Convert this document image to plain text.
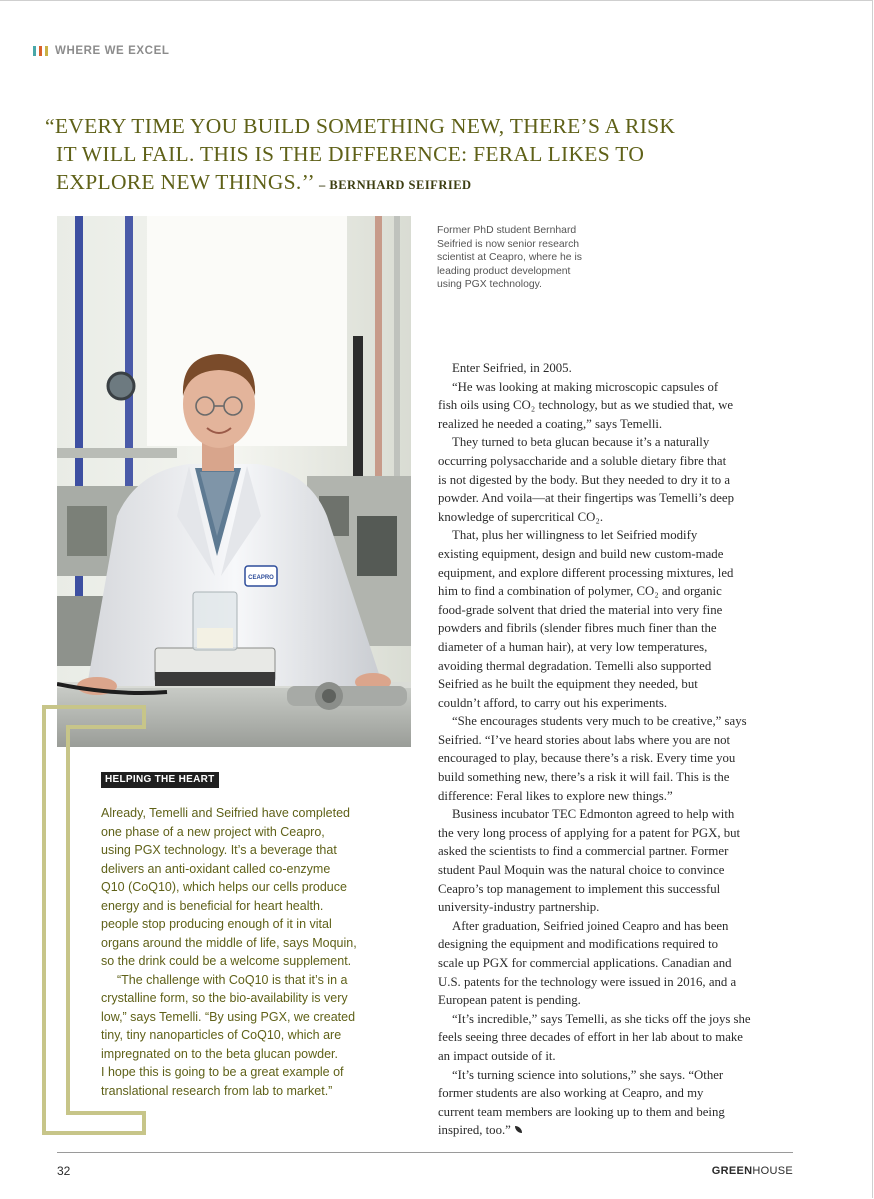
WHERE WE EXCEL
“EVERY TIME YOU BUILD SOMETHING NEW, THERE’S A RISK
IT WILL FAIL. THIS IS THE DIFFERENCE: FERAL LIKES TO
EXPLORE NEW THINGS.’’ – BERNHARD SEIFRIED
CEAPRO
Former PhD student Bernhard
Seifried is now senior research
scientist at Ceapro, where he is
leading product development
using PGX technology.
HELPING THE HEART
Already, Temelli and Seifried have completed
one phase of a new project with Ceapro,
using PGX technology. It’s a beverage that
delivers an anti-oxidant called co-enzyme
Q10 (CoQ10), which helps our cells produce
energy and is beneficial for heart health.
people stop producing enough of it in vital
organs around the middle of life, says Moquin,
so the drink could be a welcome supplement.
“The challenge with CoQ10 is that it’s in a
crystalline form, so the bio-availability is very
low,” says Temelli. “By using PGX, we created
tiny, tiny nanoparticles of CoQ10, which are
impregnated on to the beta glucan powder.
I hope this is going to be a great example of
translational research from lab to market.”
Enter Seifried, in 2005.
“He was looking at making microscopic capsules of
fish oils using CO₂ technology, but as we studied that, we
realized he needed a coating,” says Temelli.
They turned to beta glucan because it’s a naturally
occurring polysaccharide and a soluble dietary fibre that
is not digested by the body. But they needed to dry it to a
powder. And voila—at their fingertips was Temelli’s deep
knowledge of supercritical CO₂.
That, plus her willingness to let Seifried modify
existing equipment, design and build new custom-made
equipment, and explore different processing mixtures, led
him to find a combination of polymer, CO₂ and organic
food-grade solvent that dried the material into very fine
powders and fibrils (slender fibres much finer than the
diameter of a human hair), at very low temperatures,
avoiding thermal degradation. Temelli also supported
Seifried as he built the equipment they needed, but
couldn’t afford, to carry out his experiments.
“She encourages students very much to be creative,” says
Seifried. “I’ve heard stories about labs where you are not
encouraged to play, because there’s a risk. Every time you
build something new, there’s a risk it will fail. This is the
difference: Feral likes to explore new things.”
Business incubator TEC Edmonton agreed to help with
the very long process of applying for a patent for PGX, but
asked the scientists to find a commercial partner. Former
student Paul Moquin was the natural choice to convince
Ceapro’s top management to implement this successful
university-industry partnership.
After graduation, Seifried joined Ceapro and has been
designing the equipment and modifications required to
scale up PGX for commercial applications. Canadian and
U.S. patents for the technology were issued in 2016, and a
European patent is pending.
“It’s incredible,” says Temelli, as she ticks off the joys she
feels seeing three decades of effort in her lab about to make
an impact outside of it.
“It’s turning science into solutions,” she says. “Other
former students are also working at Ceapro, and my
current team members are looking up to them and being
inspired, too.”
32	GREENHOUSE
